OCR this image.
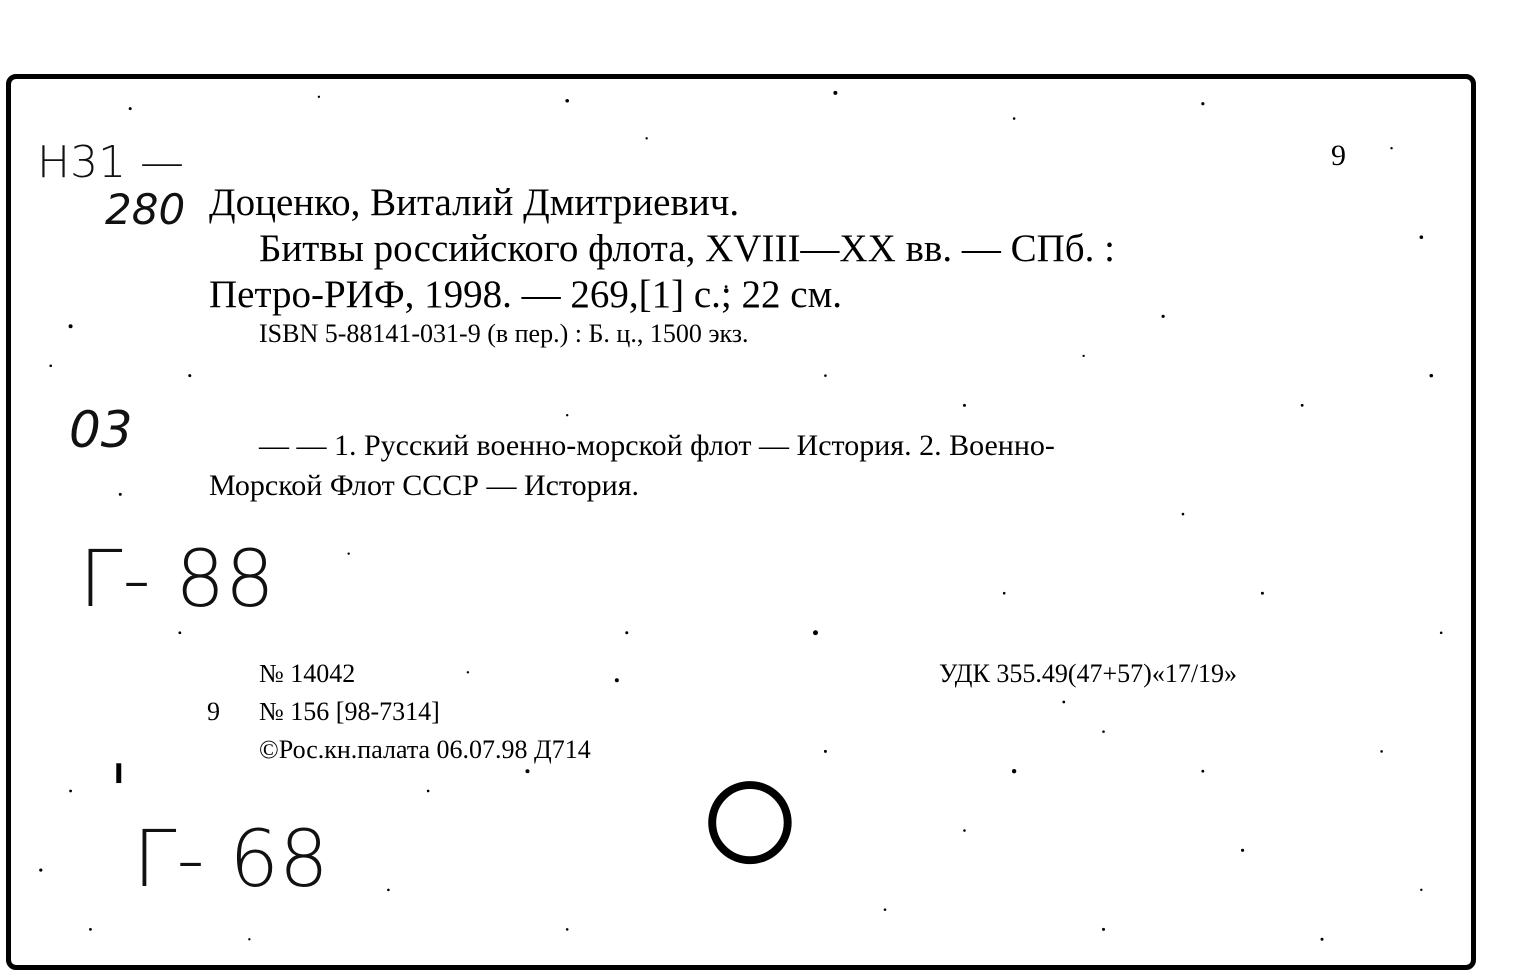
Н31 —
280
03
Г- 88
Г- 68
9
Доценко, Виталий Дмитриевич.
Битвы российского флота, XVIII—XX вв. — СПб. :
Петро-РИФ, 1998. — 269,[1] с.; 22 см.
ISBN 5-88141-031-9 (в пер.) : Б. ц., 1500 экз.
— — 1. Русский военно-морской флот — История. 2. Военно-
Морской Флот СССР — История.
№ 14042	УДК 355.49(47+57)«17/19»
9 № 156 [98-7314]
©Рос.кн.палата 06.07.98 Д714
